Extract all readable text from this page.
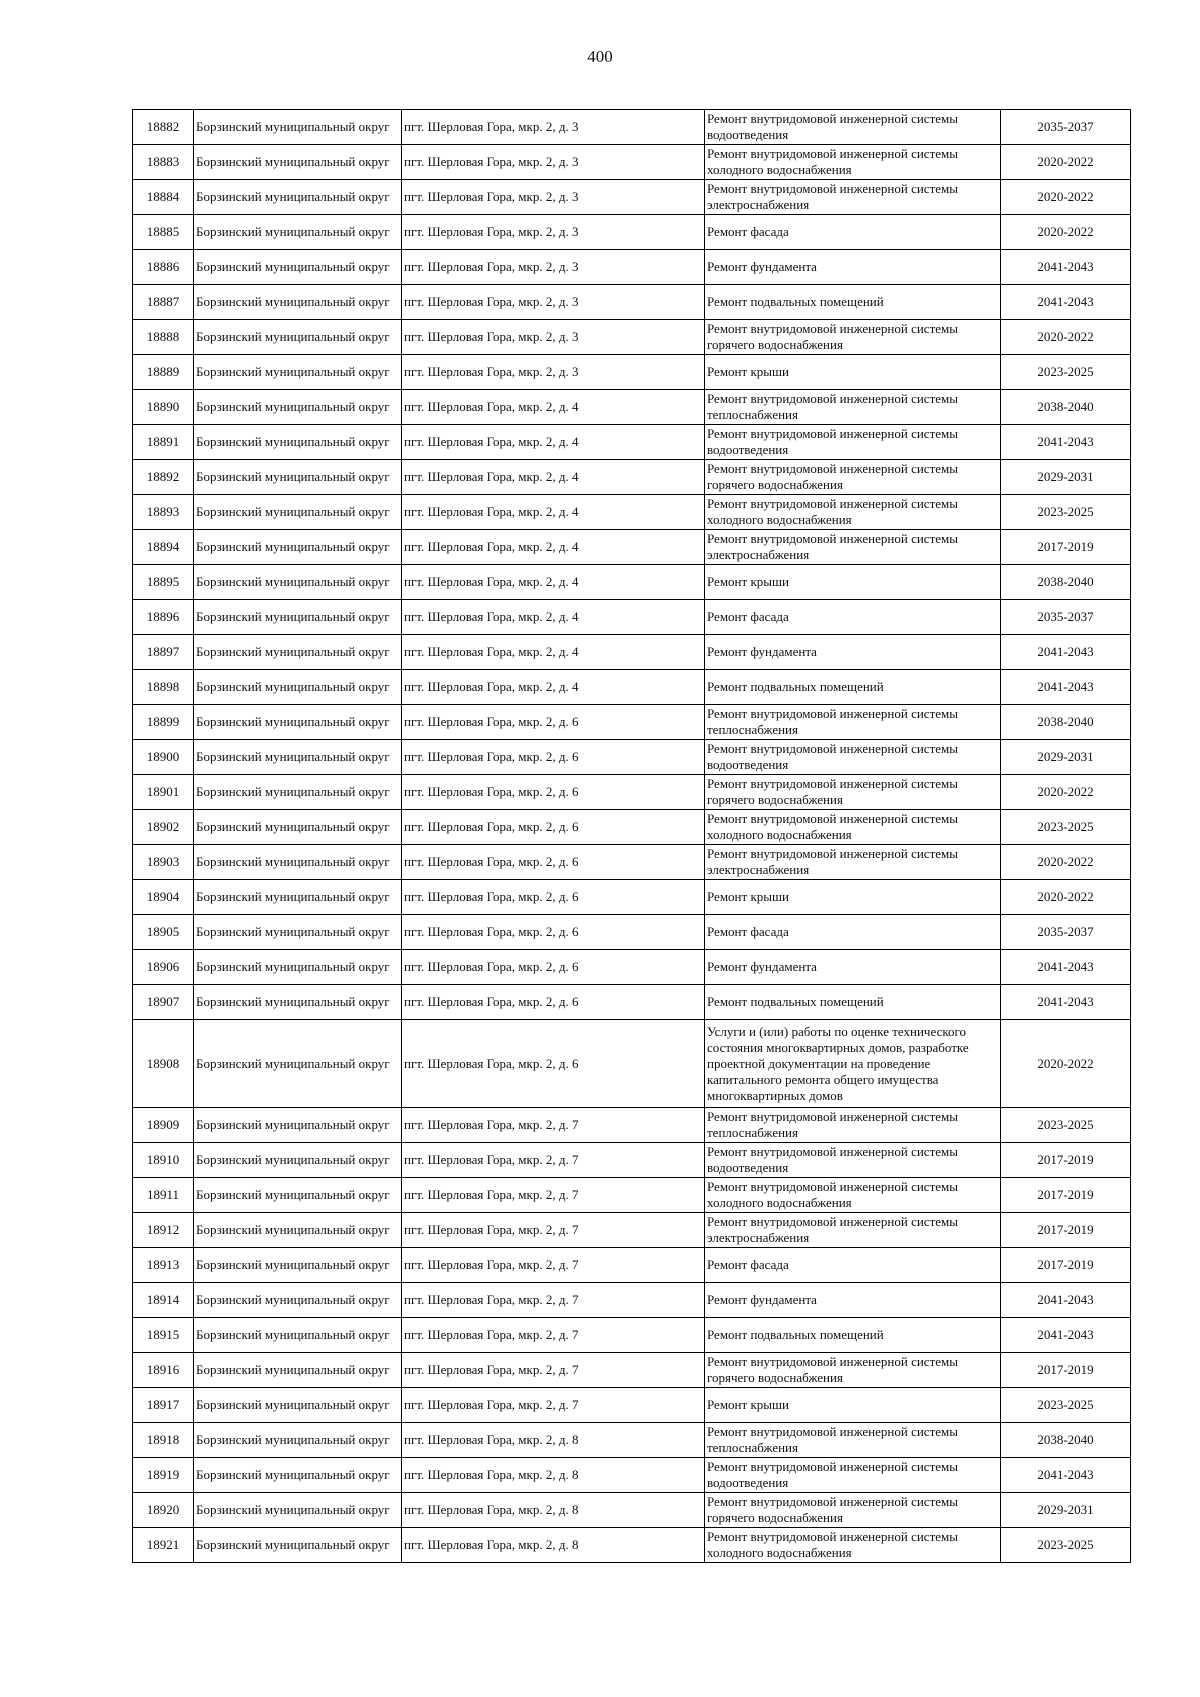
400
18882	Борзинский муниципальный округ	пгт. Шерловая Гора, мкр. 2, д. 3	Ремонт внутридомовой инженерной системы водоотведения	2035-2037
18883	Борзинский муниципальный округ	пгт. Шерловая Гора, мкр. 2, д. 3	Ремонт внутридомовой инженерной системы холодного водоснабжения	2020-2022
18884	Борзинский муниципальный округ	пгт. Шерловая Гора, мкр. 2, д. 3	Ремонт внутридомовой инженерной системы электроснабжения	2020-2022
18885	Борзинский муниципальный округ	пгт. Шерловая Гора, мкр. 2, д. 3	Ремонт фасада	2020-2022
18886	Борзинский муниципальный округ	пгт. Шерловая Гора, мкр. 2, д. 3	Ремонт фундамента	2041-2043
18887	Борзинский муниципальный округ	пгт. Шерловая Гора, мкр. 2, д. 3	Ремонт подвальных помещений	2041-2043
18888	Борзинский муниципальный округ	пгт. Шерловая Гора, мкр. 2, д. 3	Ремонт внутридомовой инженерной системы горячего водоснабжения	2020-2022
18889	Борзинский муниципальный округ	пгт. Шерловая Гора, мкр. 2, д. 3	Ремонт крыши	2023-2025
18890	Борзинский муниципальный округ	пгт. Шерловая Гора, мкр. 2, д. 4	Ремонт внутридомовой инженерной системы теплоснабжения	2038-2040
18891	Борзинский муниципальный округ	пгт. Шерловая Гора, мкр. 2, д. 4	Ремонт внутридомовой инженерной системы водоотведения	2041-2043
18892	Борзинский муниципальный округ	пгт. Шерловая Гора, мкр. 2, д. 4	Ремонт внутридомовой инженерной системы горячего водоснабжения	2029-2031
18893	Борзинский муниципальный округ	пгт. Шерловая Гора, мкр. 2, д. 4	Ремонт внутридомовой инженерной системы холодного водоснабжения	2023-2025
18894	Борзинский муниципальный округ	пгт. Шерловая Гора, мкр. 2, д. 4	Ремонт внутридомовой инженерной системы электроснабжения	2017-2019
18895	Борзинский муниципальный округ	пгт. Шерловая Гора, мкр. 2, д. 4	Ремонт крыши	2038-2040
18896	Борзинский муниципальный округ	пгт. Шерловая Гора, мкр. 2, д. 4	Ремонт фасада	2035-2037
18897	Борзинский муниципальный округ	пгт. Шерловая Гора, мкр. 2, д. 4	Ремонт фундамента	2041-2043
18898	Борзинский муниципальный округ	пгт. Шерловая Гора, мкр. 2, д. 4	Ремонт подвальных помещений	2041-2043
18899	Борзинский муниципальный округ	пгт. Шерловая Гора, мкр. 2, д. 6	Ремонт внутридомовой инженерной системы теплоснабжения	2038-2040
18900	Борзинский муниципальный округ	пгт. Шерловая Гора, мкр. 2, д. 6	Ремонт внутридомовой инженерной системы водоотведения	2029-2031
18901	Борзинский муниципальный округ	пгт. Шерловая Гора, мкр. 2, д. 6	Ремонт внутридомовой инженерной системы горячего водоснабжения	2020-2022
18902	Борзинский муниципальный округ	пгт. Шерловая Гора, мкр. 2, д. 6	Ремонт внутридомовой инженерной системы холодного водоснабжения	2023-2025
18903	Борзинский муниципальный округ	пгт. Шерловая Гора, мкр. 2, д. 6	Ремонт внутридомовой инженерной системы электроснабжения	2020-2022
18904	Борзинский муниципальный округ	пгт. Шерловая Гора, мкр. 2, д. 6	Ремонт крыши	2020-2022
18905	Борзинский муниципальный округ	пгт. Шерловая Гора, мкр. 2, д. 6	Ремонт фасада	2035-2037
18906	Борзинский муниципальный округ	пгт. Шерловая Гора, мкр. 2, д. 6	Ремонт фундамента	2041-2043
18907	Борзинский муниципальный округ	пгт. Шерловая Гора, мкр. 2, д. 6	Ремонт подвальных помещений	2041-2043
18908	Борзинский муниципальный округ	пгт. Шерловая Гора, мкр. 2, д. 6	Услуги и (или) работы по оценке технического состояния многоквартирных домов, разработке проектной документации на проведение капитального ремонта общего имущества многоквартирных домов	2020-2022
18909	Борзинский муниципальный округ	пгт. Шерловая Гора, мкр. 2, д. 7	Ремонт внутридомовой инженерной системы теплоснабжения	2023-2025
18910	Борзинский муниципальный округ	пгт. Шерловая Гора, мкр. 2, д. 7	Ремонт внутридомовой инженерной системы водоотведения	2017-2019
18911	Борзинский муниципальный округ	пгт. Шерловая Гора, мкр. 2, д. 7	Ремонт внутридомовой инженерной системы холодного водоснабжения	2017-2019
18912	Борзинский муниципальный округ	пгт. Шерловая Гора, мкр. 2, д. 7	Ремонт внутридомовой инженерной системы электроснабжения	2017-2019
18913	Борзинский муниципальный округ	пгт. Шерловая Гора, мкр. 2, д. 7	Ремонт фасада	2017-2019
18914	Борзинский муниципальный округ	пгт. Шерловая Гора, мкр. 2, д. 7	Ремонт фундамента	2041-2043
18915	Борзинский муниципальный округ	пгт. Шерловая Гора, мкр. 2, д. 7	Ремонт подвальных помещений	2041-2043
18916	Борзинский муниципальный округ	пгт. Шерловая Гора, мкр. 2, д. 7	Ремонт внутридомовой инженерной системы горячего водоснабжения	2017-2019
18917	Борзинский муниципальный округ	пгт. Шерловая Гора, мкр. 2, д. 7	Ремонт крыши	2023-2025
18918	Борзинский муниципальный округ	пгт. Шерловая Гора, мкр. 2, д. 8	Ремонт внутридомовой инженерной системы теплоснабжения	2038-2040
18919	Борзинский муниципальный округ	пгт. Шерловая Гора, мкр. 2, д. 8	Ремонт внутридомовой инженерной системы водоотведения	2041-2043
18920	Борзинский муниципальный округ	пгт. Шерловая Гора, мкр. 2, д. 8	Ремонт внутридомовой инженерной системы горячего водоснабжения	2029-2031
18921	Борзинский муниципальный округ	пгт. Шерловая Гора, мкр. 2, д. 8	Ремонт внутридомовой инженерной системы холодного водоснабжения	2023-2025
